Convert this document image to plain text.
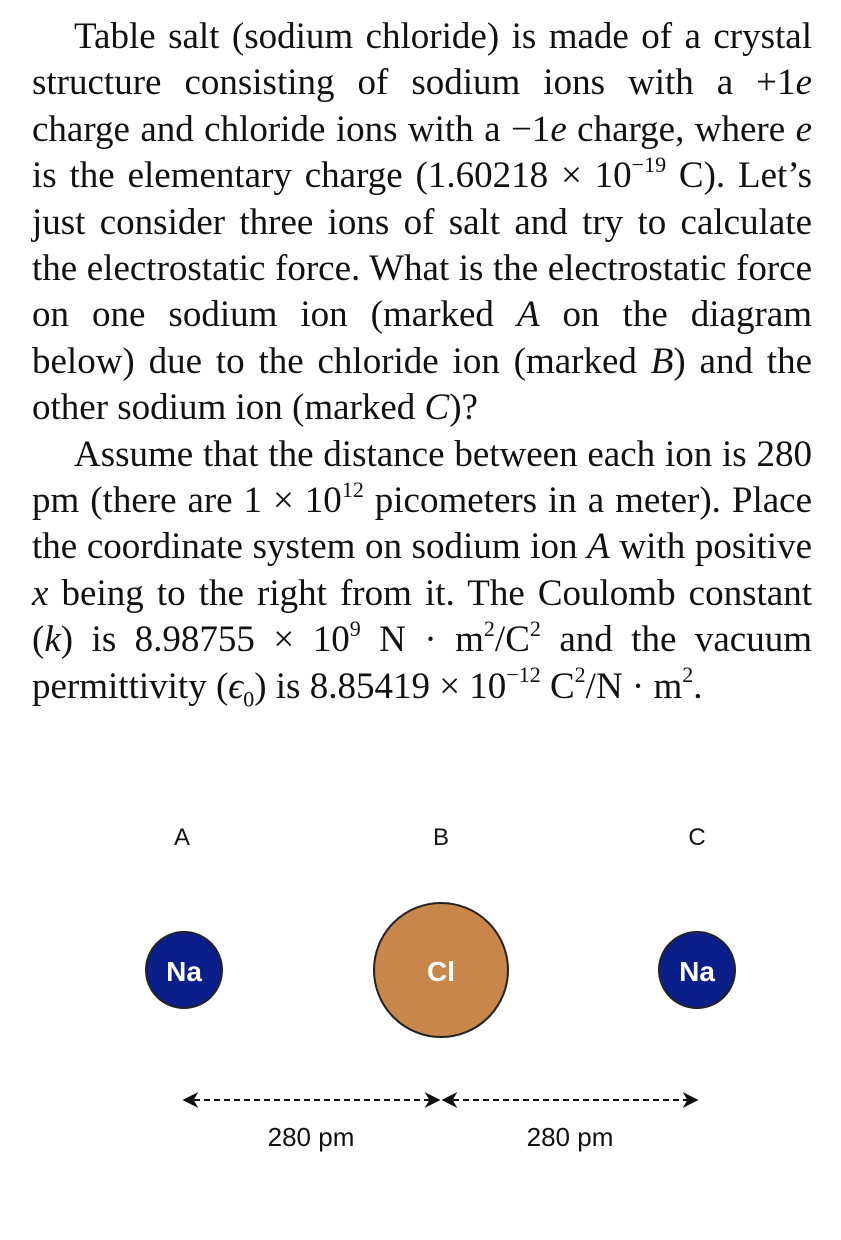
Table salt (sodium chloride) is made of a crystal structure consisting of sodium ions with a +1e charge and chloride ions with a −1e charge, where e is the elementary charge ($1.60218 \times 10^{-19}$ C). Let’s just consider three ions of salt and try to calculate the electrostatic force. What is the electrostatic force on one sodium ion (marked A on the diagram below) due to the chloride ion (marked B) and the other sodium ion (marked C)?

Assume that the distance between each ion is 280 pm (there are $1 \times 10^{12}$ picometers in a meter). Place the coordinate system on sodium ion A with positive x being to the right from it. The Coulomb constant (k) is $8.98755 \times 10^9$ $N \cdot m^2/C^2$ and the vacuum permittivity $(\epsilon_0)$ is $8.85419 \times 10^{-12}$ $C^2/N \cdot m^2$.

A	B	C
Na	Cl	Na
280 pm	280 pm
